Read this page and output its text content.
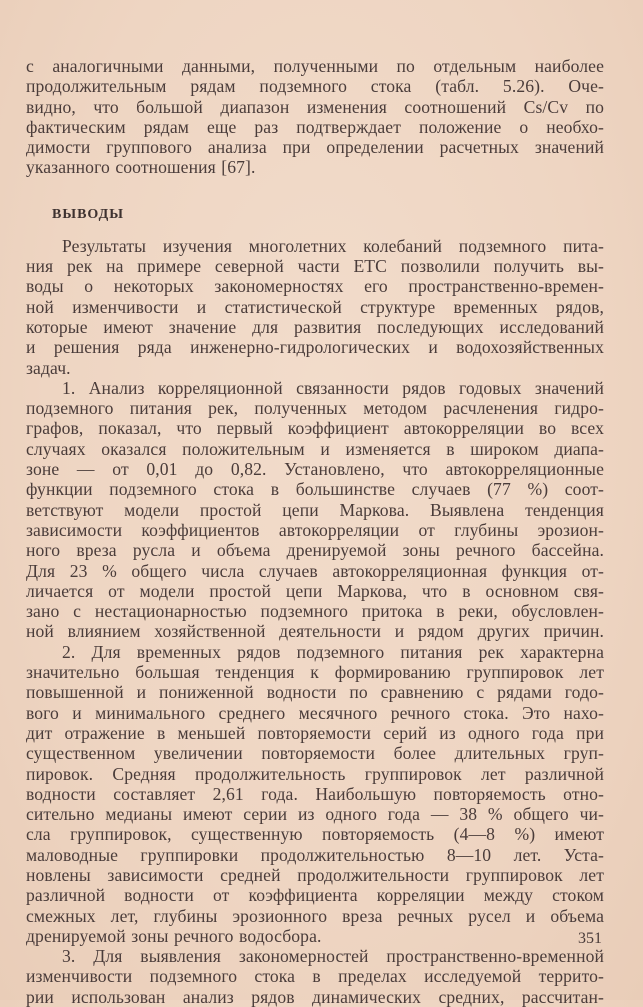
с аналогичными данными, полученными по отдельным наиболее
продолжительным рядам подземного стока (табл. 5.26). Оче-
видно, что большой диапазон изменения соотношений Cs/Cv по
фактическим рядам еще раз подтверждает положение о необхо-
димости группового анализа при определении расчетных значений
указанного соотношения [67].
ВЫВОДЫ
Результаты изучения многолетних колебаний подземного пита-
ния рек на примере северной части ЕТС позволили получить вы-
воды о некоторых закономерностях его пространственно-времен-
ной изменчивости и статистической структуре временных рядов,
которые имеют значение для развития последующих исследований
и решения ряда инженерно-гидрологических и водохозяйственных
задач.
1. Анализ корреляционной связанности рядов годовых значений
подземного питания рек, полученных методом расчленения гидро-
графов, показал, что первый коэффициент автокорреляции во всех
случаях оказался положительным и изменяется в широком диапа-
зоне — от 0,01 до 0,82. Установлено, что автокорреляционные
функции подземного стока в большинстве случаев (77 %) соот-
ветствуют модели простой цепи Маркова. Выявлена тенденция
зависимости коэффициентов автокорреляции от глубины эрозион-
ного вреза русла и объема дренируемой зоны речного бассейна.
Для 23 % общего числа случаев автокорреляционная функция от-
личается от модели простой цепи Маркова, что в основном свя-
зано с нестационарностью подземного притока в реки, обусловлен-
ной влиянием хозяйственной деятельности и рядом других причин.
2. Для временных рядов подземного питания рек характерна
значительно большая тенденция к формированию группировок лет
повышенной и пониженной водности по сравнению с рядами годо-
вого и минимального среднего месячного речного стока. Это нахо-
дит отражение в меньшей повторяемости серий из одного года при
существенном увеличении повторяемости более длительных груп-
пировок. Средняя продолжительность группировок лет различной
водности составляет 2,61 года. Наибольшую повторяемость отно-
сительно медианы имеют серии из одного года — 38 % общего чи-
сла группировок, существенную повторяемость (4—8 %) имеют
маловодные группировки продолжительностью 8—10 лет. Уста-
новлены зависимости средней продолжительности группировок лет
различной водности от коэффициента корреляции между стоком
смежных лет, глубины эрозионного вреза речных русел и объема
дренируемой зоны речного водосбора.
3. Для выявления закономерностей пространственно-временной
изменчивости подземного стока в пределах исследуемой террито-
рии использован анализ рядов динамических средних, рассчитан-
351
